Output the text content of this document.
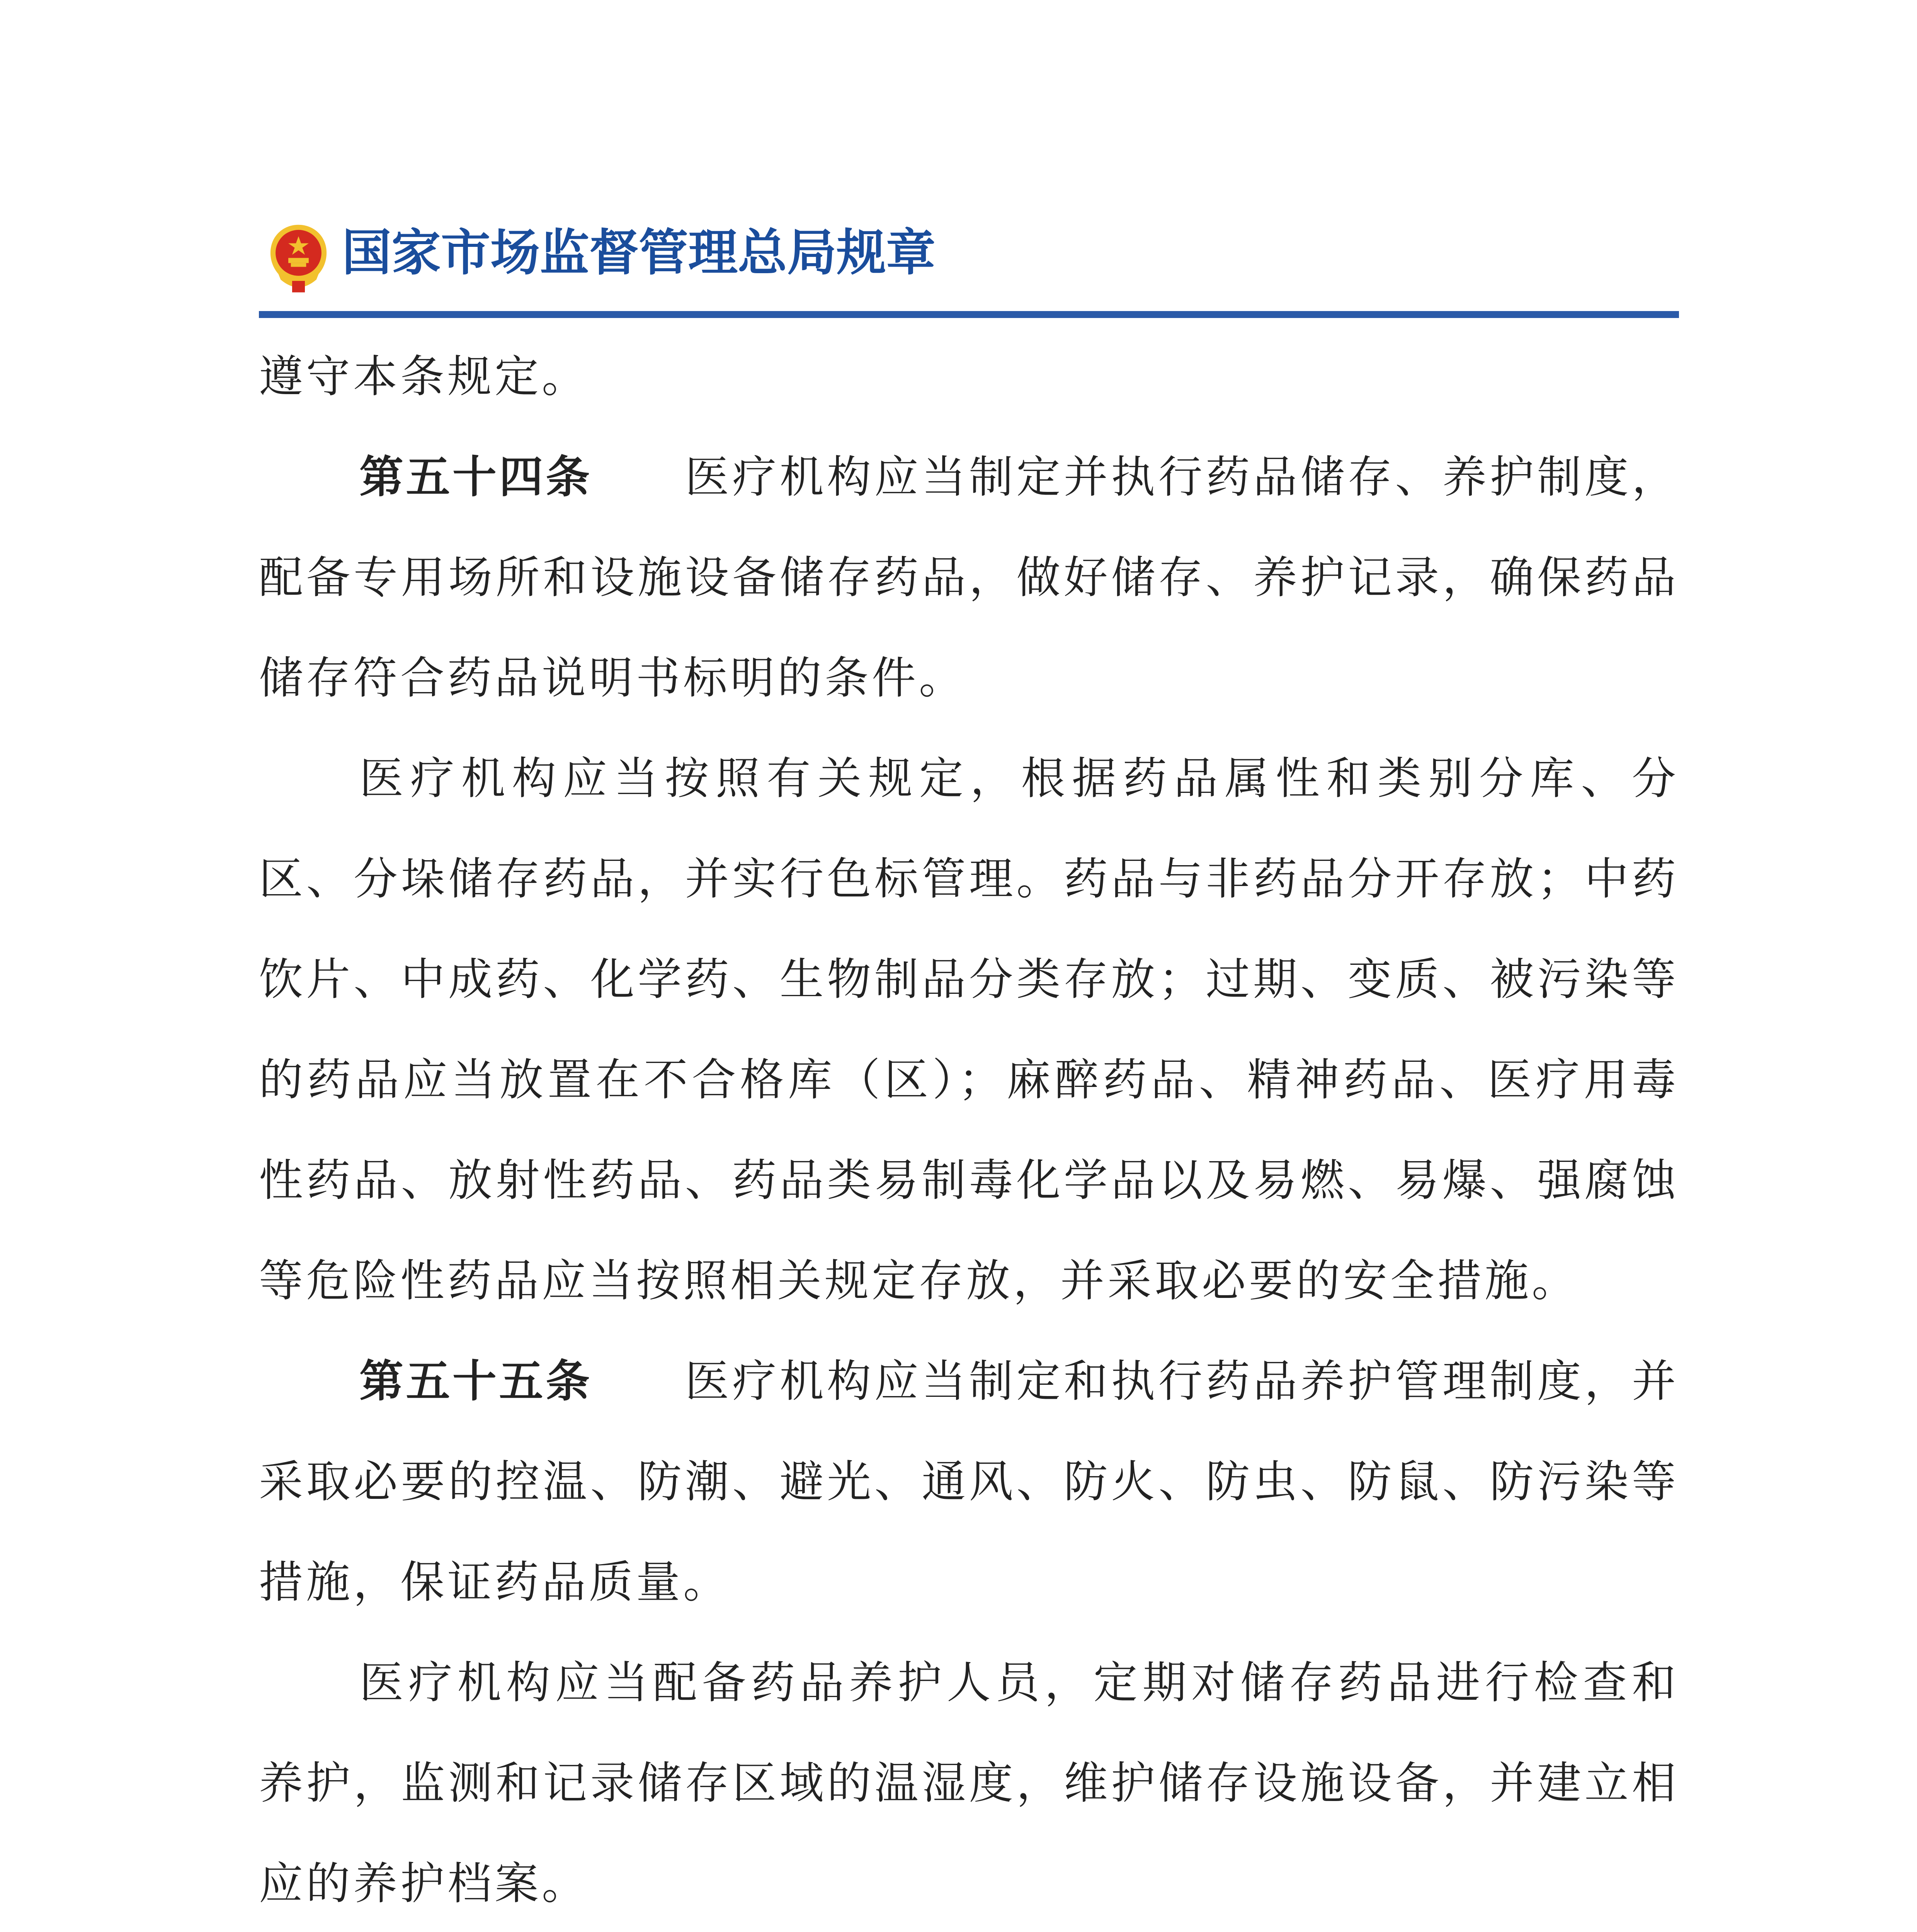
国家市场监督管理总局规章

遵守本条规定。

第五十四条 医疗机构应当制定并执行药品储存、养护制度，配备专用场所和设施设备储存药品，做好储存、养护记录，确保药品储存符合药品说明书标明的条件。

医疗机构应当按照有关规定，根据药品属性和类别分库、分区、分垛储存药品，并实行色标管理。药品与非药品分开存放；中药饮片、中成药、化学药、生物制品分类存放；过期、变质、被污染等的药品应当放置在不合格库（区）；麻醉药品、精神药品、医疗用毒性药品、放射性药品、药品类易制毒化学品以及易燃、易爆、强腐蚀等危险性药品应当按照相关规定存放，并采取必要的安全措施。

第五十五条 医疗机构应当制定和执行药品养护管理制度，并采取必要的控温、防潮、避光、通风、防火、防虫、防鼠、防污染等措施，保证药品质量。

医疗机构应当配备药品养护人员，定期对储存药品进行检查和养护，监测和记录储存区域的温湿度，维护储存设施设备，并建立相应的养护档案。
